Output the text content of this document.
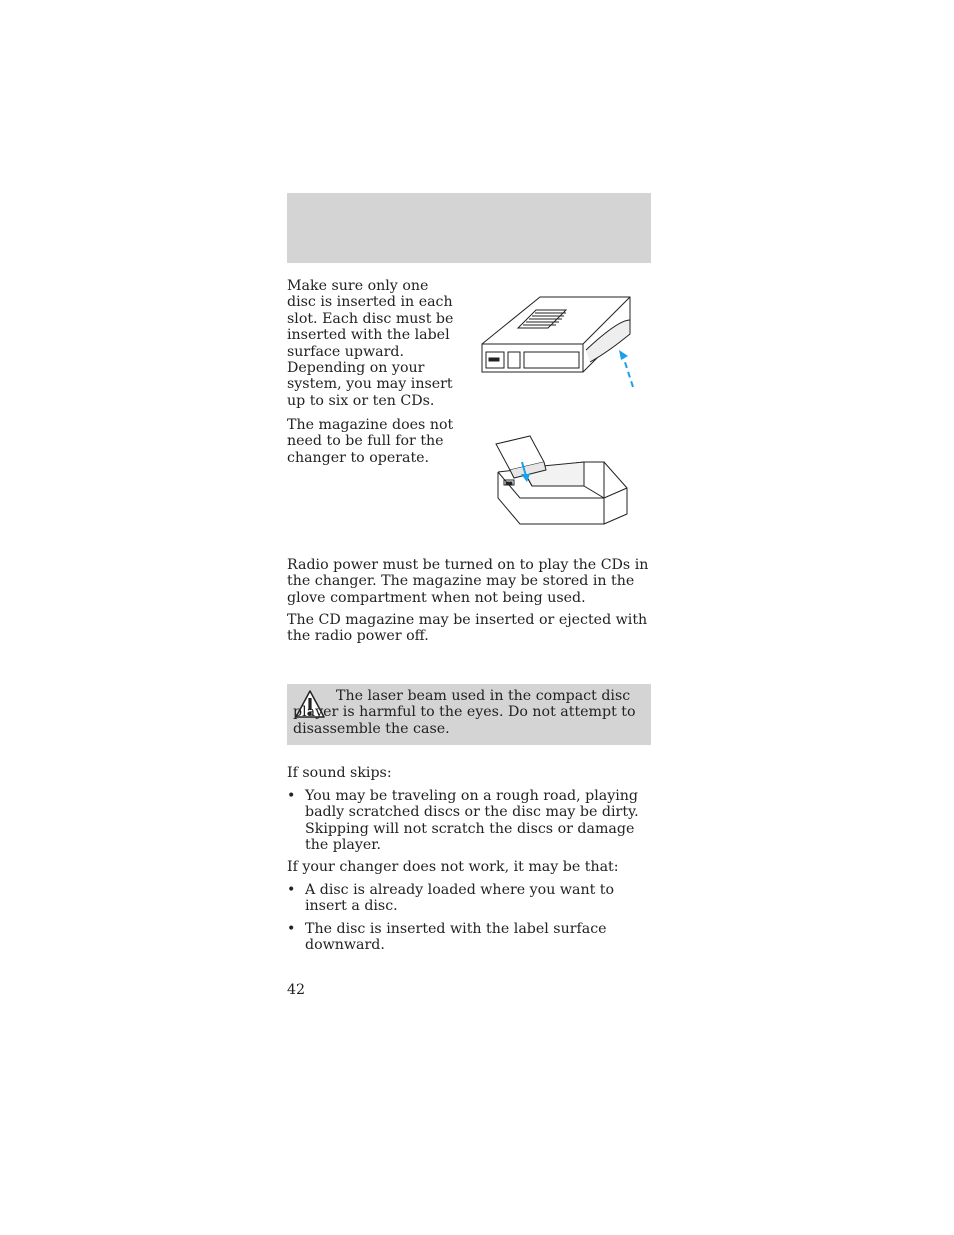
Make sure only one disc is inserted in each slot. Each disc must be inserted with the label surface upward. Depending on your system, you may insert up to six or ten CDs.

The magazine does not need to be full for the changer to operate.

Radio power must be turned on to play the CDs in the changer. The magazine may be stored in the glove compartment when not being used.

The CD magazine may be inserted or ejected with the radio power off.

The laser beam used in the compact disc player is harmful to the eyes. Do not attempt to disassemble the case.

If sound skips:

• You may be traveling on a rough road, playing badly scratched discs or the disc may be dirty. Skipping will not scratch the discs or damage the player.

If your changer does not work, it may be that:

• A disc is already loaded where you want to insert a disc.

• The disc is inserted with the label surface downward.

42
